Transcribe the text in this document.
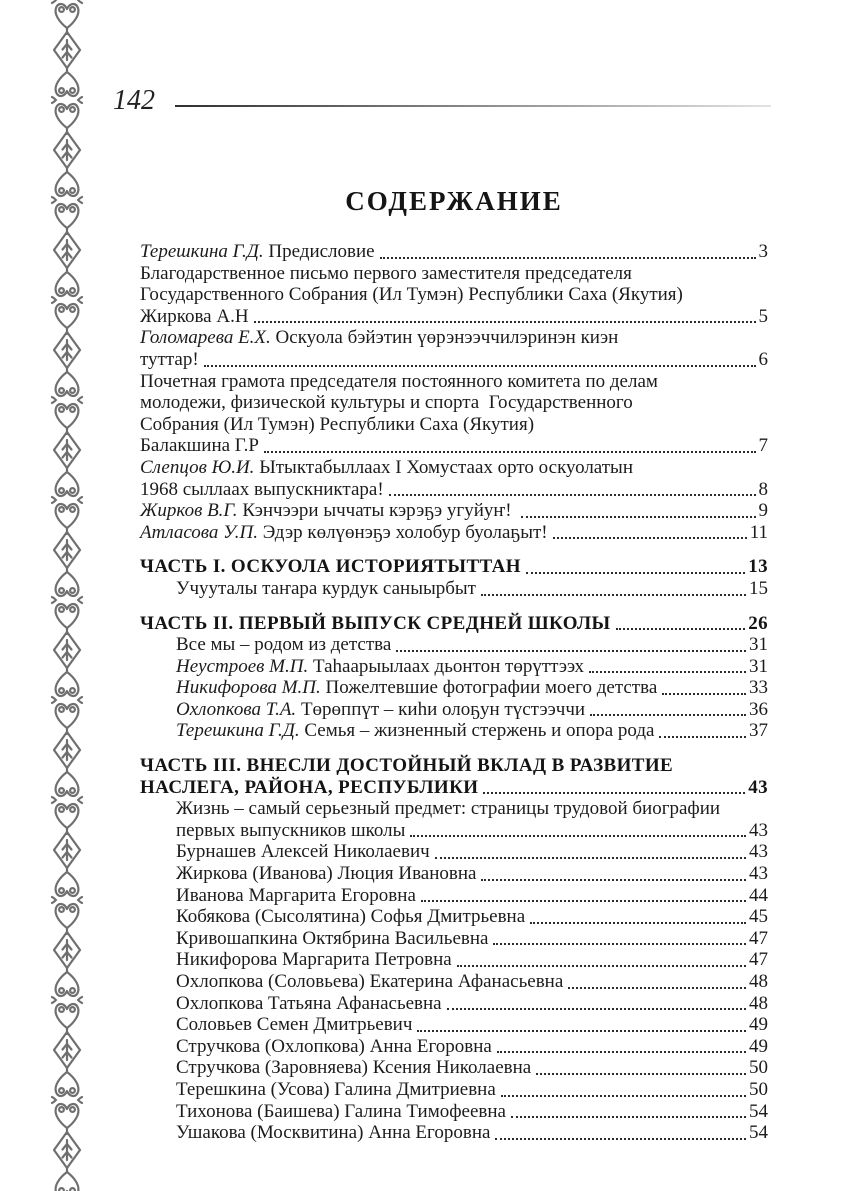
142
СОДЕРЖАНИЕ
Терешкина Г.Д. Предисловие	3
Благодарственное письмо первого заместителя председателя
Государственного Собрания (Ил Тумэн) Республики Саха (Якутия)
Жиркова А.Н	5
Голомарева Е.Х. Оскуола бэйэтин үөрэнээччилэринэн киэн
туттар!	6
Почетная грамота председателя постоянного комитета по делам
молодежи, физической культуры и спорта  Государственного
Собрания (Ил Тумэн) Республики Саха (Якутия)
Балакшина Г.Р	7
Слепцов Ю.И. Ытыктабыллаах I Хомустаах орто оскуолатын
1968 сыллаах выпускниктара!	8
Жирков В.Г. Кэнчээри ыччаты кэрэҕэ угуйуҥ!	9
Атласова У.П. Эдэр көлүөнэҕэ холобур буолаҕыт!	11
ЧАСТЬ I. ОСКУОЛА ИСТОРИЯТЫТТАН	13
Учууталы таҥара курдук саныырбыт	15
ЧАСТЬ II. ПЕРВЫЙ ВЫПУСК СРЕДНЕЙ ШКОЛЫ	26
Все мы – родом из детства	31
Неустроев М.П. Таhаарыылаах дьонтон төрүттээх	31
Никифорова М.П. Пожелтевшие фотографии моего детства	33
Охлопкова Т.А. Төрөппүт – киhи олоҕун түстээччи	36
Терешкина Г.Д. Семья – жизненный стержень и опора рода	37
ЧАСТЬ III. ВНЕСЛИ ДОСТОЙНЫЙ ВКЛАД В РАЗВИТИЕ
НАСЛЕГА, РАЙОНА, РЕСПУБЛИКИ	43
Жизнь – самый серьезный предмет: страницы трудовой биографии
первых выпускников школы	43
Бурнашев Алексей Николаевич	43
Жиркова (Иванова) Люция Ивановна	43
Иванова Маргарита Егоровна	44
Кобякова (Сысолятина) Софья Дмитрьевна	45
Кривошапкина Октябрина Васильевна	47
Никифорова Маргарита Петровна	47
Охлопкова (Соловьева) Екатерина Афанасьевна	48
Охлопкова Татьяна Афанасьевна	48
Соловьев Семен Дмитрьевич	49
Стручкова (Охлопкова) Анна Егоровна	49
Стручкова (Заровняева) Ксения Николаевна	50
Терешкина (Усова) Галина Дмитриевна	50
Тихонова (Баишева) Галина Тимофеевна	54
Ушакова (Москвитина) Анна Егоровна	54
